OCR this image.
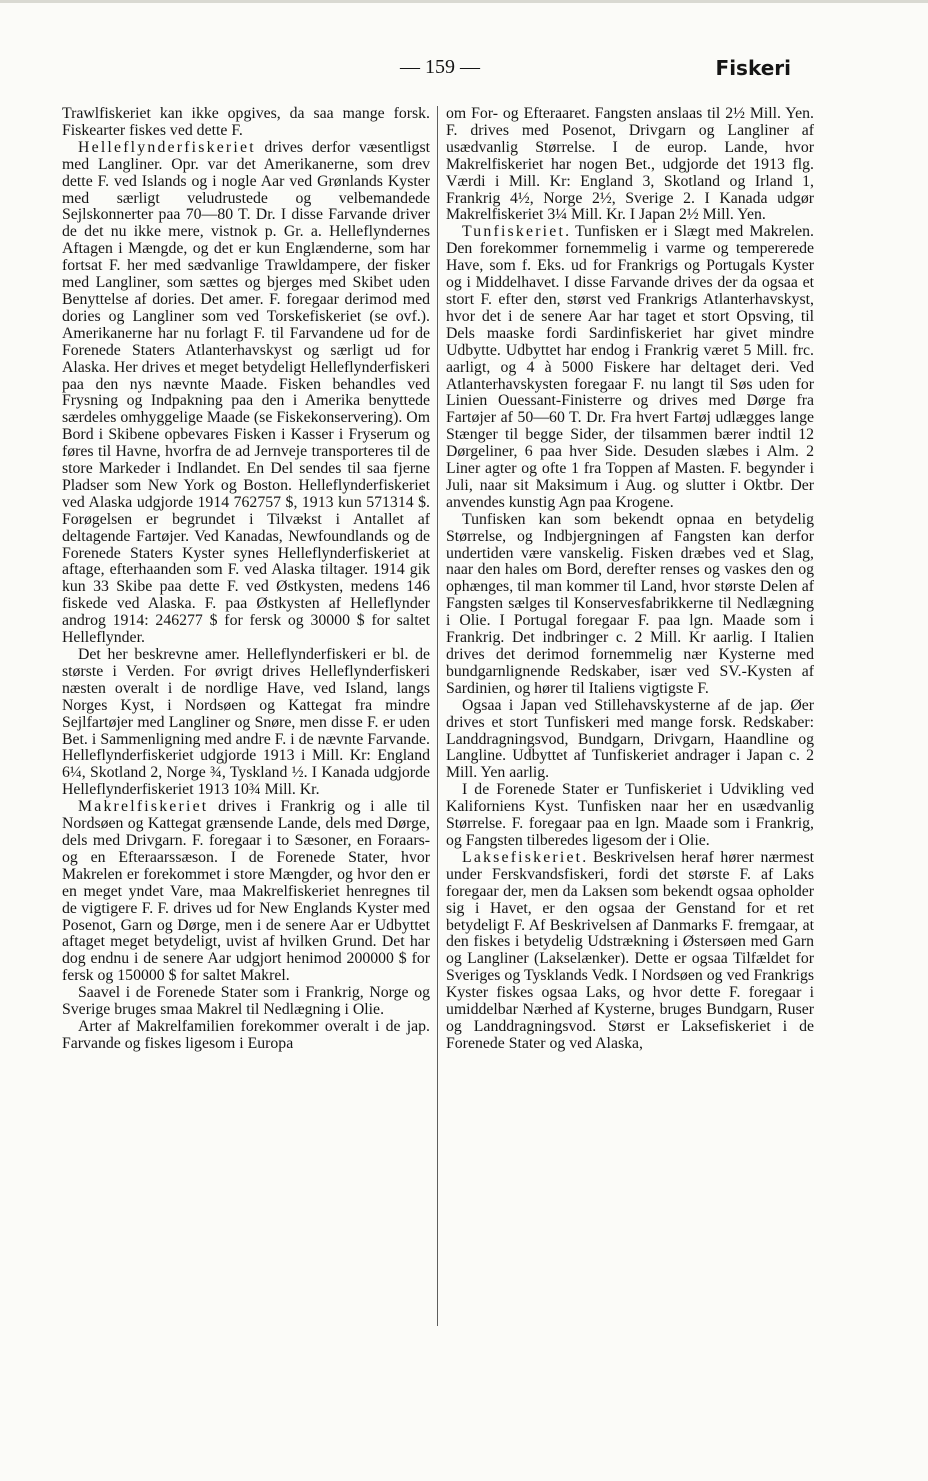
— 159 —	Fiskeri

Trawlfiskeriet kan ikke opgives, da saa mange forsk. Fiskearter fiskes ved dette F.

Helleflynderfiskeriet drives derfor væsentligst med Langliner. Opr. var det Amerikanerne, som drev dette F. ved Islands og i nogle Aar ved Grønlands Kyster med særligt veludrustede og velbemandede Sejlskonnerter paa 70—80 T. Dr. I disse Farvande driver de det nu ikke mere, vistnok p. Gr. a. Helleflyndernes Aftagen i Mængde, og det er kun Englænderne, som har fortsat F. her med sædvanlige Trawldampere, der fisker med Langliner, som sættes og bjerges med Skibet uden Benyttelse af dories. Det amer. F. foregaar derimod med dories og Langliner som ved Torskefiskeriet (se ovf.). Amerikanerne har nu forlagt F. til Farvandene ud for de Forenede Staters Atlanterhavskyst og særligt ud for Alaska. Her drives et meget betydeligt Helleflynderfiskeri paa den nys nævnte Maade. Fisken behandles ved Frysning og Indpakning paa den i Amerika benyttede særdeles omhyggelige Maade (se Fiskekonservering). Om Bord i Skibene opbevares Fisken i Kasser i Fryserum og føres til Havne, hvorfra de ad Jernveje transporteres til de store Markeder i Indlandet. En Del sendes til saa fjerne Pladser som New York og Boston. Helleflynderfiskeriet ved Alaska udgjorde 1914 762757 $, 1913 kun 571314 $. Forøgelsen er begrundet i Tilvækst i Antallet af deltagende Fartøjer. Ved Kanadas, Newfoundlands og de Forenede Staters Kyster synes Helleflynderfiskeriet at aftage, efterhaanden som F. ved Alaska tiltager. 1914 gik kun 33 Skibe paa dette F. ved Østkysten, medens 146 fiskede ved Alaska. F. paa Østkysten af Helleflynder androg 1914: 246277 $ for fersk og 30000 $ for saltet Helleflynder.

Det her beskrevne amer. Helleflynderfiskeri er bl. de største i Verden. For øvrigt drives Helleflynderfiskeri næsten overalt i de nordlige Have, ved Island, langs Norges Kyst, i Nordsøen og Kattegat fra mindre Sejlfartøjer med Langliner og Snøre, men disse F. er uden Bet. i Sammenligning med andre F. i de nævnte Farvande. Helleflynderfiskeriet udgjorde 1913 i Mill. Kr: England 6¼, Skotland 2, Norge ¾, Tyskland ½. I Kanada udgjorde Helleflynderfiskeriet 1913 10¾ Mill. Kr.

Makrelfiskeriet drives i Frankrig og i alle til Nordsøen og Kattegat grænsende Lande, dels med Dørge, dels med Drivgarn. F. foregaar i to Sæsoner, en Foraars- og en Efteraarssæson. I de Forenede Stater, hvor Makrelen er forekommet i store Mængder, og hvor den er en meget yndet Vare, maa Makrelfiskeriet henregnes til de vigtigere F. F. drives ud for New Englands Kyster med Posenot, Garn og Dørge, men i de senere Aar er Udbyttet aftaget meget betydeligt, uvist af hvilken Grund. Det har dog endnu i de senere Aar udgjort henimod 200000 $ for fersk og 150000 $ for saltet Makrel.

Saavel i de Forenede Stater som i Frankrig, Norge og Sverige bruges smaa Makrel til Nedlægning i Olie.

Arter af Makrelfamilien forekommer overalt i de jap. Farvande og fiskes ligesom i Europa

om For- og Efteraaret. Fangsten anslaas til 2½ Mill. Yen. F. drives med Posenot, Drivgarn og Langliner af usædvanlig Størrelse. I de europ. Lande, hvor Makrelfiskeriet har nogen Bet., udgjorde det 1913 flg. Værdi i Mill. Kr: England 3, Skotland og Irland 1, Frankrig 4½, Norge 2½, Sverige 2. I Kanada udgør Makrelfiskeriet 3¼ Mill. Kr. I Japan 2½ Mill. Yen.

Tunfiskeriet. Tunfisken er i Slægt med Makrelen. Den forekommer fornemmelig i varme og tempererede Have, som f. Eks. ud for Frankrigs og Portugals Kyster og i Middelhavet. I disse Farvande drives der da ogsaa et stort F. efter den, størst ved Frankrigs Atlanterhavskyst, hvor det i de senere Aar har taget et stort Opsving, til Dels maaske fordi Sardinfiskeriet har givet mindre Udbytte. Udbyttet har endog i Frankrig været 5 Mill. frc. aarligt, og 4 à 5000 Fiskere har deltaget deri. Ved Atlanterhavskysten foregaar F. nu langt til Søs uden for Linien Ouessant-Finisterre og drives med Dørge fra Fartøjer af 50—60 T. Dr. Fra hvert Fartøj udlægges lange Stænger til begge Sider, der tilsammen bærer indtil 12 Dørgeliner, 6 paa hver Side. Desuden slæbes i Alm. 2 Liner agter og ofte 1 fra Toppen af Masten. F. begynder i Juli, naar sit Maksimum i Aug. og slutter i Oktbr. Der anvendes kunstig Agn paa Krogene.

Tunfisken kan som bekendt opnaa en betydelig Størrelse, og Indbjergningen af Fangsten kan derfor undertiden være vanskelig. Fisken dræbes ved et Slag, naar den hales om Bord, derefter renses og vaskes den og ophænges, til man kommer til Land, hvor største Delen af Fangsten sælges til Konservesfabrikkerne til Nedlægning i Olie. I Portugal foregaar F. paa lgn. Maade som i Frankrig. Det indbringer c. 2 Mill. Kr aarlig. I Italien drives det derimod fornemmelig nær Kysterne med bundgarnlignende Redskaber, især ved SV.-Kysten af Sardinien, og hører til Italiens vigtigste F.

Ogsaa i Japan ved Stillehavskysterne af de jap. Øer drives et stort Tunfiskeri med mange forsk. Redskaber: Landdragningsvod, Bundgarn, Drivgarn, Haandline og Langline. Udbyttet af Tunfiskeriet andrager i Japan c. 2 Mill. Yen aarlig.

I de Forenede Stater er Tunfiskeriet i Udvikling ved Kaliforniens Kyst. Tunfisken naar her en usædvanlig Størrelse. F. foregaar paa en lgn. Maade som i Frankrig, og Fangsten tilberedes ligesom der i Olie.

Laksefiskeriet. Beskrivelsen heraf hører nærmest under Ferskvandsfiskeri, fordi det største F. af Laks foregaar der, men da Laksen som bekendt ogsaa opholder sig i Havet, er den ogsaa der Genstand for et ret betydeligt F. Af Beskrivelsen af Danmarks F. fremgaar, at den fiskes i betydelig Udstrækning i Østersøen med Garn og Langliner (Lakselænker). Dette er ogsaa Tilfældet for Sveriges og Tysklands Vedk. I Nordsøen og ved Frankrigs Kyster fiskes ogsaa Laks, og hvor dette F. foregaar i umiddelbar Nærhed af Kysterne, bruges Bundgarn, Ruser og Landdragningsvod. Størst er Laksefiskeriet i de Forenede Stater og ved Alaska,
